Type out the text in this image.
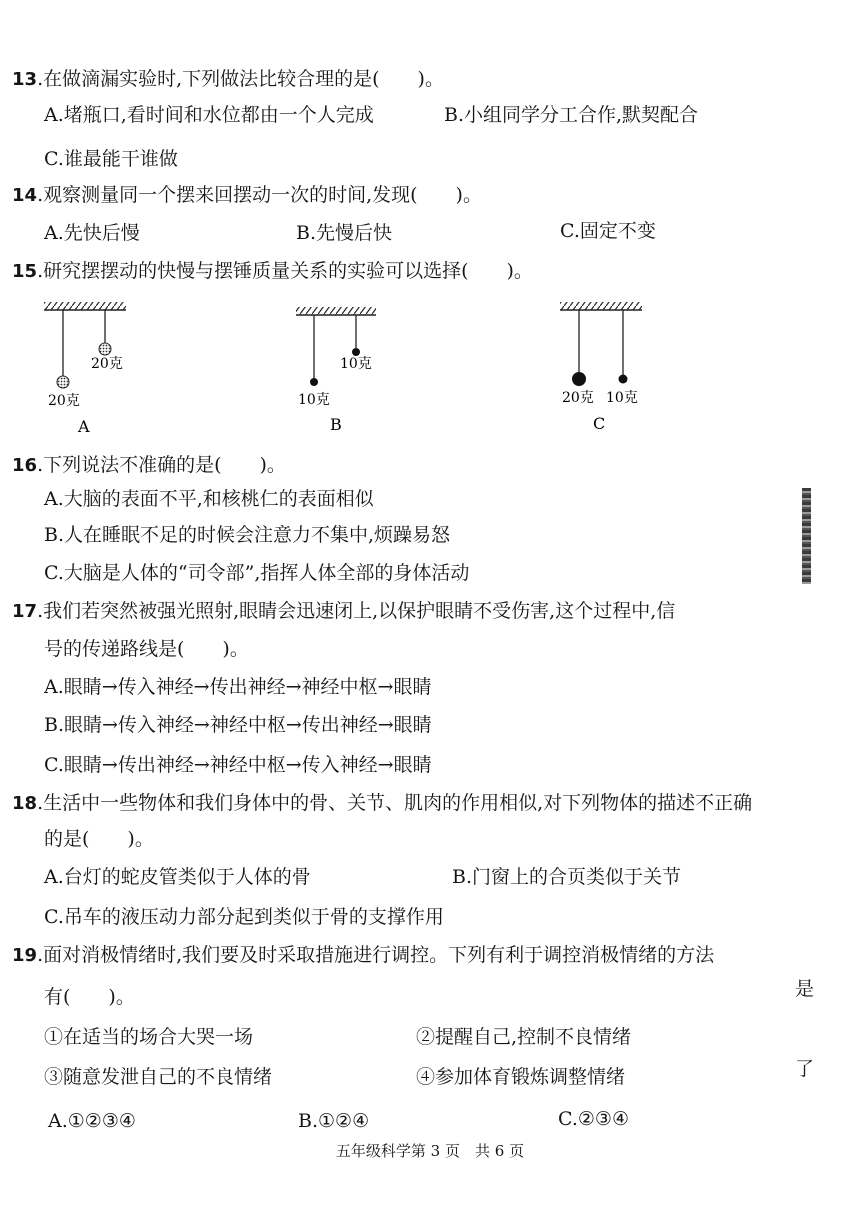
13.在做滴漏实验时,下列做法比较合理的是(　　)。
A.堵瓶口,看时间和水位都由一个人完成	B.小组同学分工合作,默契配合
C.谁最能干谁做
14.观察测量同一个摆来回摆动一次的时间,发现(　　)。
A.先快后慢	B.先慢后快	C.固定不变
15.研究摆摆动的快慢与摆锤质量关系的实验可以选择(　　)。
20克
20克
A
10克
10克
B
20克 10克
C
16.下列说法不准确的是(　　)。
A.大脑的表面不平,和核桃仁的表面相似
B.人在睡眠不足的时候会注意力不集中,烦躁易怒
C.大脑是人体的“司令部”,指挥人体全部的身体活动
17.我们若突然被强光照射,眼睛会迅速闭上,以保护眼睛不受伤害,这个过程中,信
号的传递路线是(　　)。
A.眼睛→传入神经→传出神经→神经中枢→眼睛
B.眼睛→传入神经→神经中枢→传出神经→眼睛
C.眼睛→传出神经→神经中枢→传入神经→眼睛
18.生活中一些物体和我们身体中的骨、关节、肌肉的作用相似,对下列物体的描述不正确
的是(　　)。
A.台灯的蛇皮管类似于人体的骨	B.门窗上的合页类似于关节
C.吊车的液压动力部分起到类似于骨的支撑作用
19.面对消极情绪时,我们要及时采取措施进行调控。下列有利于调控消极情绪的方法
有(　　)。
①在适当的场合大哭一场	②提醒自己,控制不良情绪
③随意发泄自己的不良情绪	④参加体育锻炼调整情绪
A.①②③④	B.①②④	C.②③④
是
了
五年级科学第 3 页　共 6 页
